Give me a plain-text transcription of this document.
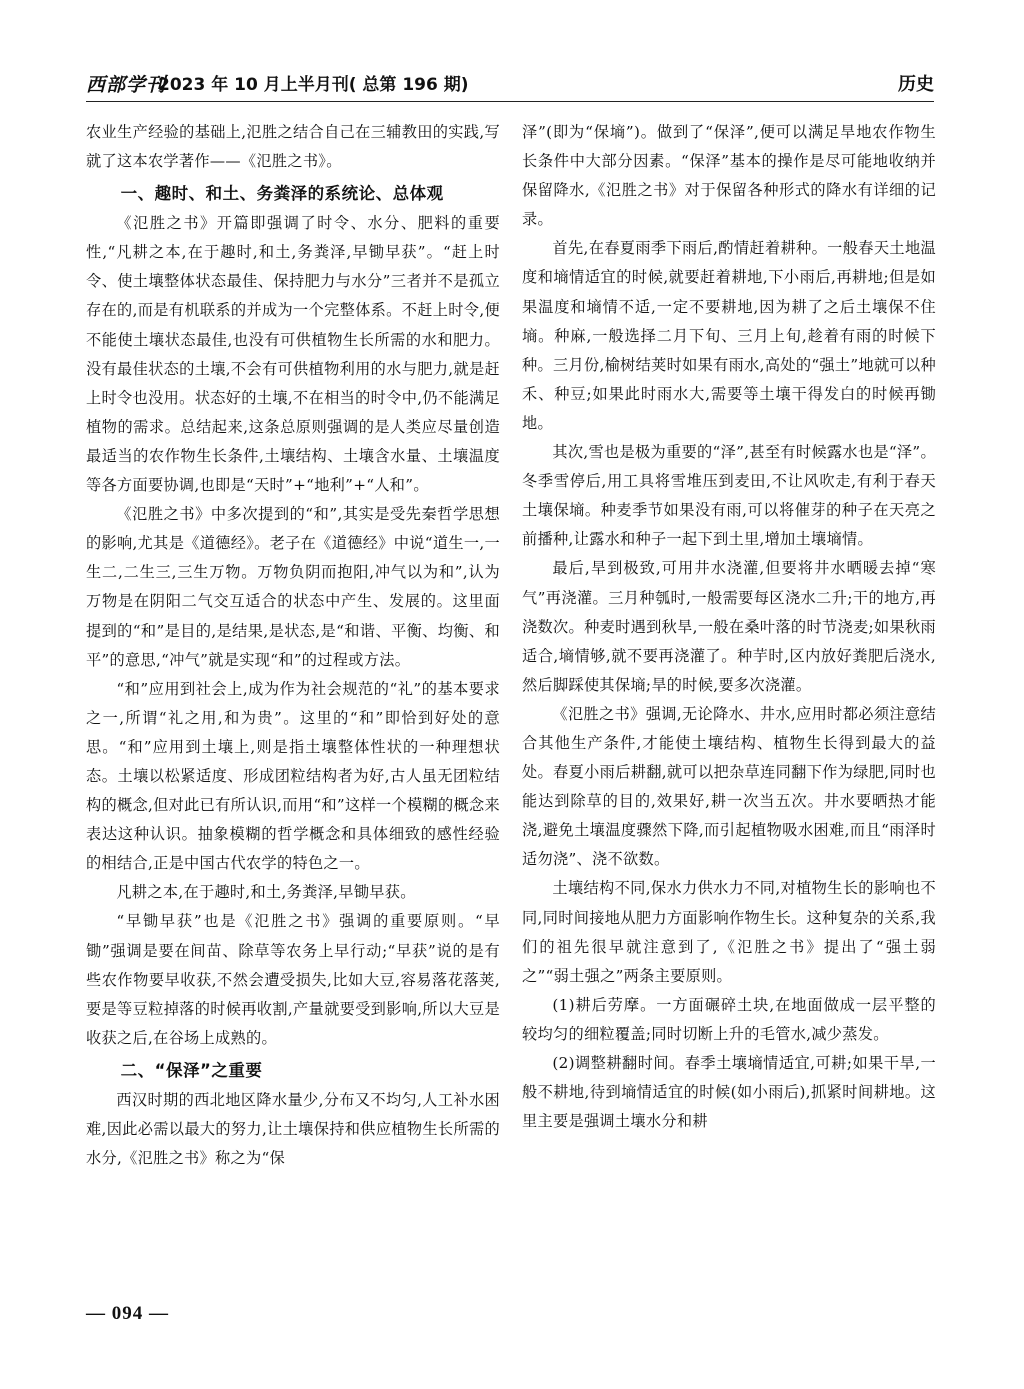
西部学刊
2023 年 10 月上半月刊( 总第 196 期)	历史

农业生产经验的基础上,氾胜之结合自己在三辅教田的实践,写就了这本农学著作——《氾胜之书》。

一、趣时、和土、务粪泽的系统论、总体观

《氾胜之书》开篇即强调了时令、水分、肥料的重要性,“凡耕之本,在于趣时,和土,务粪泽,早锄早获”。“赶上时令、使土壤整体状态最佳、保持肥力与水分”三者并不是孤立存在的,而是有机联系的并成为一个完整体系。不赶上时令,便不能使土壤状态最佳,也没有可供植物生长所需的水和肥力。没有最佳状态的土壤,不会有可供植物利用的水与肥力,就是赶上时令也没用。状态好的土壤,不在相当的时令中,仍不能满足植物的需求。总结起来,这条总原则强调的是人类应尽量创造最适当的农作物生长条件,土壤结构、土壤含水量、土壤温度等各方面要协调,也即是“天时”+“地利”+“人和”。

《氾胜之书》中多次提到的“和”,其实是受先秦哲学思想的影响,尤其是《道德经》。老子在《道德经》中说“道生一,一生二,二生三,三生万物。万物负阴而抱阳,冲气以为和”,认为万物是在阴阳二气交互适合的状态中产生、发展的。这里面提到的“和”是目的,是结果,是状态,是“和谐、平衡、均衡、和平”的意思,“冲气”就是实现“和”的过程或方法。

“和”应用到社会上,成为作为社会规范的“礼”的基本要求之一,所谓“礼之用,和为贵”。这里的“和”即恰到好处的意思。“和”应用到土壤上,则是指土壤整体性状的一种理想状态。土壤以松紧适度、形成团粒结构者为好,古人虽无团粒结构的概念,但对此已有所认识,而用“和”这样一个模糊的概念来表达这种认识。抽象模糊的哲学概念和具体细致的感性经验的相结合,正是中国古代农学的特色之一。

凡耕之本,在于趣时,和土,务粪泽,早锄早获。

“早锄早获”也是《氾胜之书》强调的重要原则。“早锄”强调是要在间苗、除草等农务上早行动;“早获”说的是有些农作物要早收获,不然会遭受损失,比如大豆,容易落花落荚,要是等豆粒掉落的时候再收割,产量就要受到影响,所以大豆是收获之后,在谷场上成熟的。

二、“保泽”之重要

西汉时期的西北地区降水量少,分布又不均匀,人工补水困难,因此必需以最大的努力,让土壤保持和供应植物生长所需的水分,《氾胜之书》称之为“保

泽”(即为“保墒”)。做到了“保泽”,便可以满足旱地农作物生长条件中大部分因素。“保泽”基本的操作是尽可能地收纳并保留降水,《氾胜之书》对于保留各种形式的降水有详细的记录。

首先,在春夏雨季下雨后,酌情赶着耕种。一般春天土地温度和墒情适宜的时候,就要赶着耕地,下小雨后,再耕地;但是如果温度和墒情不适,一定不要耕地,因为耕了之后土壤保不住墒。种麻,一般选择二月下旬、三月上旬,趁着有雨的时候下种。三月份,榆树结荚时如果有雨水,高处的“强土”地就可以种禾、种豆;如果此时雨水大,需要等土壤干得发白的时候再锄地。

其次,雪也是极为重要的“泽”,甚至有时候露水也是“泽”。冬季雪停后,用工具将雪堆压到麦田,不让风吹走,有利于春天土壤保墒。种麦季节如果没有雨,可以将催芽的种子在天亮之前播种,让露水和种子一起下到土里,增加土壤墒情。

最后,旱到极致,可用井水浇灌,但要将井水晒暖去掉“寒气”再浇灌。三月种瓠时,一般需要每区浇水二升;干的地方,再浇数次。种麦时遇到秋旱,一般在桑叶落的时节浇麦;如果秋雨适合,墒情够,就不要再浇灌了。种芋时,区内放好粪肥后浇水,然后脚踩使其保墒;旱的时候,要多次浇灌。

《氾胜之书》强调,无论降水、井水,应用时都必须注意结合其他生产条件,才能使土壤结构、植物生长得到最大的益处。春夏小雨后耕翻,就可以把杂草连同翻下作为绿肥,同时也能达到除草的目的,效果好,耕一次当五次。井水要晒热才能浇,避免土壤温度骤然下降,而引起植物吸水困难,而且“雨泽时适勿浇”、浇不欲数。

土壤结构不同,保水力供水力不同,对植物生长的影响也不同,同时间接地从肥力方面影响作物生长。这种复杂的关系,我们的祖先很早就注意到了,《氾胜之书》提出了“强土弱之”“弱土强之”两条主要原则。

(1)耕后劳摩。一方面碾碎土块,在地面做成一层平整的较均匀的细粒覆盖;同时切断上升的毛管水,减少蒸发。

(2)调整耕翻时间。春季土壤墒情适宜,可耕;如果干旱,一般不耕地,待到墒情适宜的时候(如小雨后),抓紧时间耕地。这里主要是强调土壤水分和耕

— 094 —
